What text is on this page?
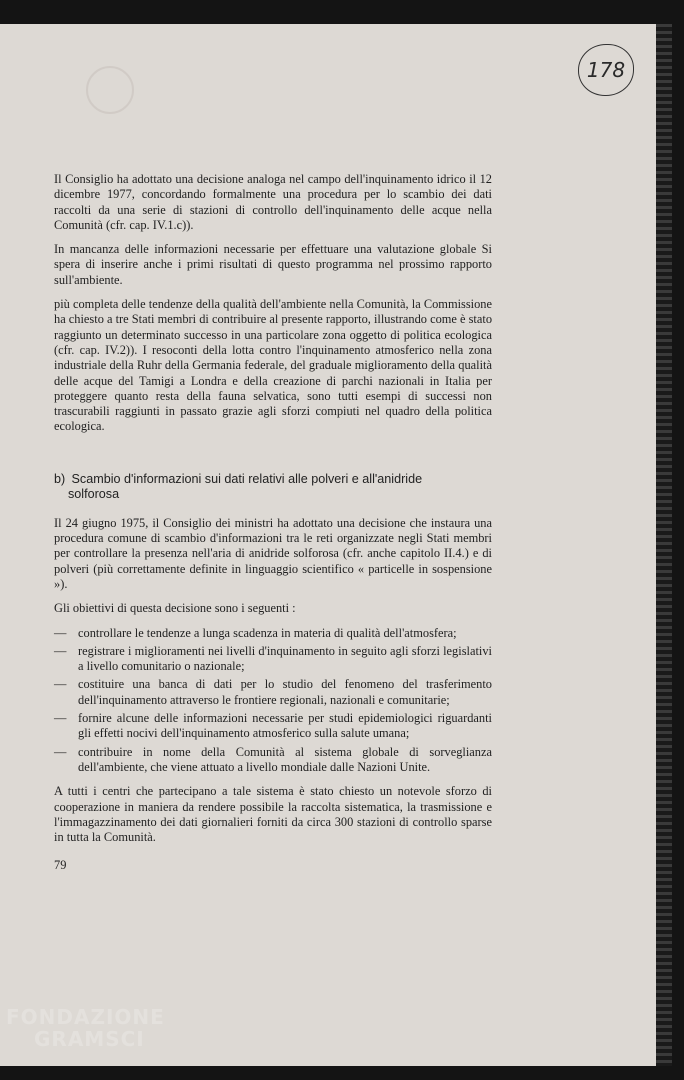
178

Il Consiglio ha adottato una decisione analoga nel campo dell'inquinamento idrico il 12 dicembre 1977, concordando formalmente una procedura per lo scambio dei dati raccolti da una serie di stazioni di controllo dell'inquinamento delle acque nella Comunità (cfr. cap. IV.1.c)).

In mancanza delle informazioni necessarie per effettuare una valutazione globale Si spera di inserire anche i primi risultati di questo programma nel prossimo rapporto sull'ambiente.

più completa delle tendenze della qualità dell'ambiente nella Comunità, la Commissione ha chiesto a tre Stati membri di contribuire al presente rapporto, illustrando come è stato raggiunto un determinato successo in una particolare zona oggetto di politica ecologica (cfr. cap. IV.2)). I resoconti della lotta contro l'inquinamento atmosferico nella zona industriale della Ruhr della Germania federale, del graduale miglioramento della qualità delle acque del Tamigi a Londra e della creazione di parchi nazionali in Italia per proteggere quanto resta della fauna selvatica, sono tutti esempi di successi non trascurabili raggiunti in passato grazie agli sforzi compiuti nel quadro della politica ecologica.

b) Scambio d'informazioni sui dati relativi alle polveri e all'anidride
solforosa

Il 24 giugno 1975, il Consiglio dei ministri ha adottato una decisione che instaura una procedura comune di scambio d'informazioni tra le reti organizzate negli Stati membri per controllare la presenza nell'aria di anidride solforosa (cfr. anche capitolo II.4.) e di polveri (più correttamente definite in linguaggio scientifico « particelle in sospensione »).

Gli obiettivi di questa decisione sono i seguenti :

— controllare le tendenze a lunga scadenza in materia di qualità dell'atmosfera;
— registrare i miglioramenti nei livelli d'inquinamento in seguito agli sforzi legislativi a livello comunitario o nazionale;
— costituire una banca di dati per lo studio del fenomeno del trasferimento dell'inquinamento attraverso le frontiere regionali, nazionali e comunitarie;
— fornire alcune delle informazioni necessarie per studi epidemiologici riguardanti gli effetti nocivi dell'inquinamento atmosferico sulla salute umana;
— contribuire in nome della Comunità al sistema globale di sorveglianza dell'ambiente, che viene attuato a livello mondiale dalle Nazioni Unite.

A tutti i centri che partecipano a tale sistema è stato chiesto un notevole sforzo di cooperazione in maniera da rendere possibile la raccolta sistematica, la trasmissione e l'immagazzinamento dei dati giornalieri forniti da circa 300 stazioni di controllo sparse in tutta la Comunità.

79

FONDAZIONE
GRAMSCI
